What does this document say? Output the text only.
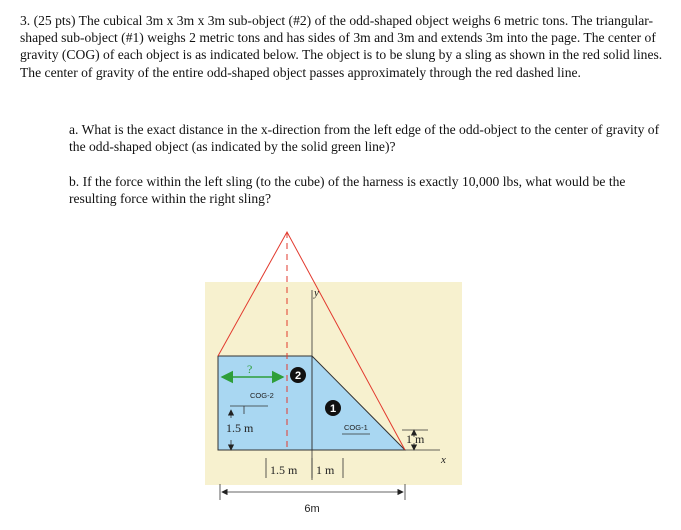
3. (25 pts) The cubical 3m x 3m x 3m sub-object (#2) of the odd-shaped object weighs 6 metric tons. The triangular-shaped sub-object (#1) weighs 2 metric tons and has sides of 3m and 3m and extends 3m into the page. The center of gravity (COG) of each object is as indicated below. The object is to be slung by a sling as shown in the red solid lines. The center of gravity of the entire odd-shaped object passes approximately through the red dashed line.

a. What is the exact distance in the x-direction from the left edge of the odd-object to the center of gravity of the odd-shaped object (as indicated by the solid green line)?

b. If the force within the left sling (to the cube) of the harness is exactly 10,000 lbs, what would be the resulting force within the right sling?

y
x
?	2
1
COG-2
1.5 m	COG-1
1 m
1.5 m 1 m
6m
